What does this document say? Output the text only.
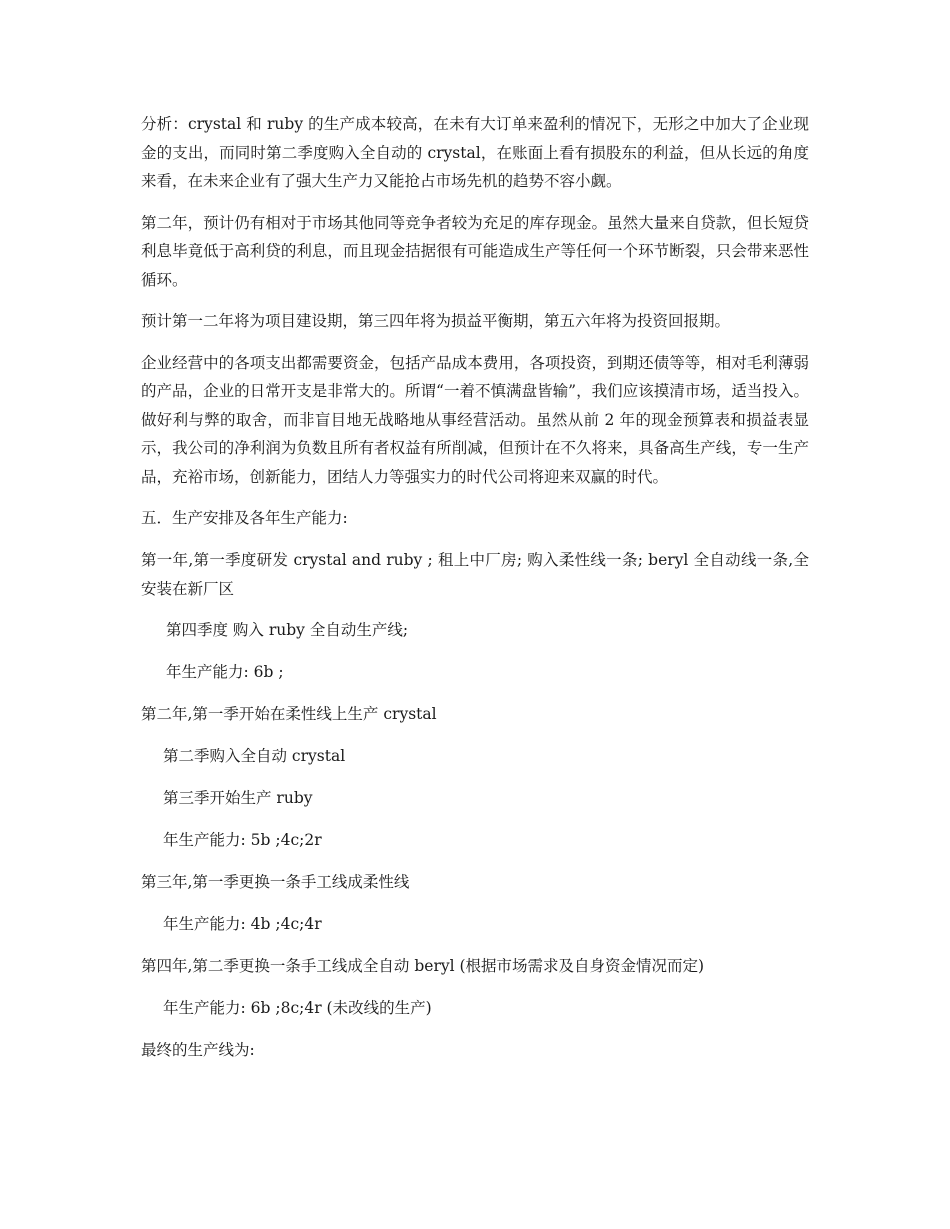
分析：crystal 和 ruby 的生产成本较高，在未有大订单来盈利的情况下，无形之中加大了企业现金的支出，而同时第二季度购入全自动的 crystal，在账面上看有损股东的利益，但从长远的角度来看，在未来企业有了强大生产力又能抢占市场先机的趋势不容小觑。

第二年，预计仍有相对于市场其他同等竞争者较为充足的库存现金。虽然大量来自贷款，但长短贷利息毕竟低于高利贷的利息，而且现金拮据很有可能造成生产等任何一个环节断裂，只会带来恶性循环。

预计第一二年将为项目建设期，第三四年将为损益平衡期，第五六年将为投资回报期。

企业经营中的各项支出都需要资金，包括产品成本费用，各项投资，到期还债等等，相对毛利薄弱的产品，企业的日常开支是非常大的。所谓“一着不慎满盘皆输”，我们应该摸清市场，适当投入。做好利与弊的取舍，而非盲目地无战略地从事经营活动。虽然从前 2 年的现金预算表和损益表显示，我公司的净利润为负数且所有者权益有所削减，但预计在不久将来，具备高生产线，专一生产品，充裕市场，创新能力，团结人力等强实力的时代公司将迎来双赢的时代。

五．生产安排及各年生产能力:

第一年,第一季度研发 crystal and ruby ; 租上中厂房; 购入柔性线一条; beryl 全自动线一条,全安装在新厂区

第四季度 购入 ruby 全自动生产线;

年生产能力: 6b ;

第二年,第一季开始在柔性线上生产 crystal

第二季购入全自动 crystal

第三季开始生产 ruby

年生产能力: 5b ;4c;2r

第三年,第一季更换一条手工线成柔性线

年生产能力: 4b ;4c;4r

第四年,第二季更换一条手工线成全自动 beryl (根据市场需求及自身资金情况而定)

年生产能力: 6b ;8c;4r (未改线的生产)

最终的生产线为:
